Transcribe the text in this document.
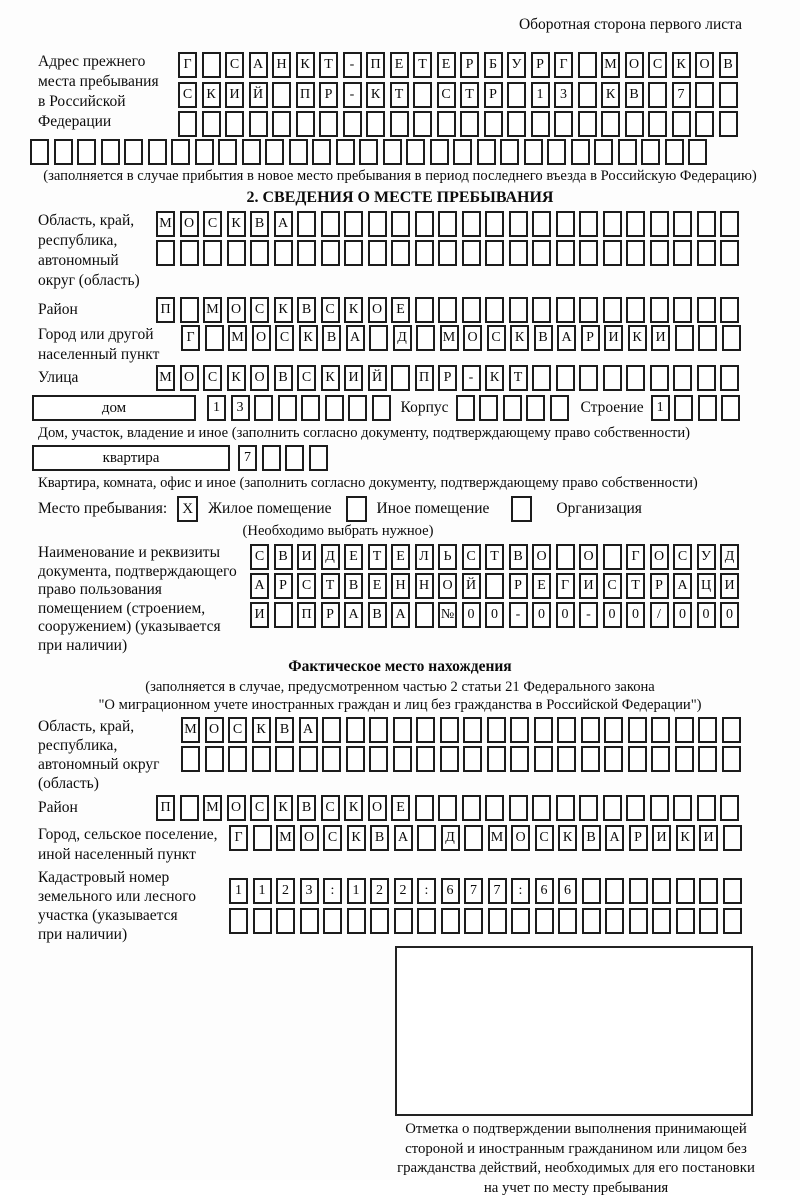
Оборотная сторона первого листа
Адрес прежнего
места пребывания
в Российской
Федерации
Г	С А Н К	Т	-	П	Е	Т	Е	Р	Б	У	Р	Г	М О С	К О В
С	К И Й	П	Р	-	К	Т	С	Т	Р	1	3	К	В	7
(заполняется в случае прибытия в новое место пребывания в период последнего въезда в Российскую Федерацию)
2. СВЕДЕНИЯ О МЕСТЕ ПРЕБЫВАНИЯ
Область, край,
республика,
автономный
округ (область)
М О С	К	В А
Район	П	М О С	К	В	С	К О	Е
Город или другой
населенный пункт
Г	М О С	К	В А	Д	М О С	К	В А	Р	И К И
Улица	М О С	К О В	С	К И Й	П	Р	-	К	Т
дом	1	3	Корпус	Строение 1
Дом, участок, владение и иное (заполнить согласно документу, подтверждающему право собственности)
квартира	7
Квартира, комната, офис и иное (заполнить согласно документу, подтверждающему право собственности)
Место пребывания:	X Жилое помещение	Иное помещение	Организация
(Необходимо выбрать нужное)
Наименование и реквизиты
документа, подтверждающего
право пользования
помещением (строением,
сооружением) (указывается
при наличии)
С	В И Д	Е	Т	Е	Л	Ь	С	Т	В О	О	Г	О С У Д
А	Р	С	Т	В	Е	Н Н О Й	Р	Е	Г	И С	Т	Р	А Ц И
И	П	Р	А В А	№ 0	0	-	0	0	-	0	0	/	0	0	0
Фактическое место нахождения
(заполняется в случае, предусмотренном частью 2 статьи 21 Федерального закона
"О миграционном учете иностранных граждан и лиц без гражданства в Российской Федерации")
Область, край,
республика,
автономный округ
(область)
М О С	К	В А
Район	П	М О С	К	В	С	К О	Е
Город, сельское поселение,
иной населенный пункт
Г	М О С	К	В А	Д	М О С	К	В А	Р	И К И
Кадастровый номер
земельного или лесного
участка (указывается
при наличии)
1	1	2	3	:	1	2	2	:	6	7	7	:	6	6
Отметка о подтверждении выполнения принимающей
стороной и иностранным гражданином или лицом без
гражданства действий, необходимых для его постановки
на учет по месту пребывания
